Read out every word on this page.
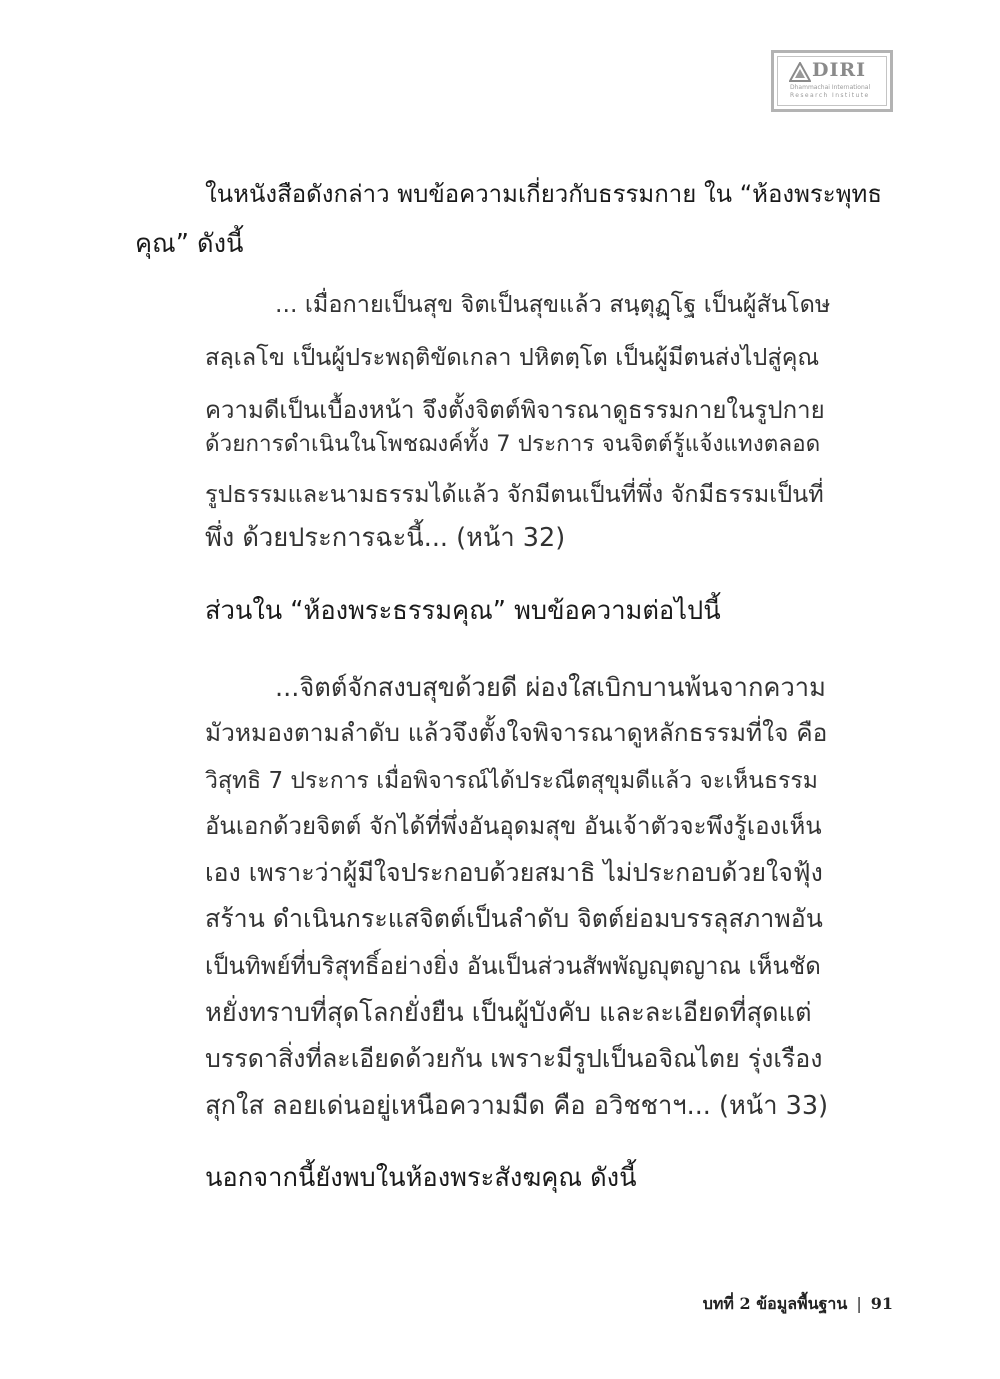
DIRI
Dhammachai International
Research Institute
ในหนังสือดังกล่าว พบข้อความเกี่ยวกับธรรมกาย ใน “ห้องพระพุทธ
คุณ” ดังนี้
... เมื่อกายเป็นสุข จิตเป็นสุขแล้ว สนฺตุฏฺโฐ เป็นผู้สันโดษ
สลฺเลโข เป็นผู้ประพฤติขัดเกลา ปหิตตฺโต เป็นผู้มีตนส่งไปสู่คุณ
ความดีเป็นเบื้องหน้า จึงตั้งจิตต์พิจารณาดูธรรมกายในรูปกาย
ด้วยการดำเนินในโพชฌงค์ทั้ง 7 ประการ จนจิตต์รู้แจ้งแทงตลอด
รูปธรรมและนามธรรมได้แล้ว จักมีตนเป็นที่พึ่ง จักมีธรรมเป็นที่
พึ่ง ด้วยประการฉะนี้... (หน้า 32)
ส่วนใน “ห้องพระธรรมคุณ” พบข้อความต่อไปนี้
...จิตต์จักสงบสุขด้วยดี ผ่องใสเบิกบานพ้นจากความ
มัวหมองตามลำดับ แล้วจึงตั้งใจพิจารณาดูหลักธรรมที่ใจ คือ
วิสุทธิ 7 ประการ เมื่อพิจารณ์ได้ประณีตสุขุมดีแล้ว จะเห็นธรรม
อันเอกด้วยจิตต์ จักได้ที่พึ่งอันอุดมสุข อันเจ้าตัวจะพึงรู้เองเห็น
เอง เพราะว่าผู้มีใจประกอบด้วยสมาธิ ไม่ประกอบด้วยใจฟุ้ง
สร้าน ดำเนินกระแสจิตต์เป็นลำดับ จิตต์ย่อมบรรลุสภาพอัน
เป็นทิพย์ที่บริสุทธิ์อย่างยิ่ง อันเป็นส่วนสัพพัญญุตญาณ เห็นชัด
หยั่งทราบที่สุดโลกยั่งยืน เป็นผู้บังคับ และละเอียดที่สุดแต่
บรรดาสิ่งที่ละเอียดด้วยกัน เพราะมีรูปเป็นอจิณไตย รุ่งเรือง
สุกใส ลอยเด่นอยู่เหนือความมืด คือ อวิชชาฯ... (หน้า 33)
นอกจากนี้ยังพบในห้องพระสังฆคุณ ดังนี้
บทที่ 2 ข้อมูลพื้นฐาน | 91
